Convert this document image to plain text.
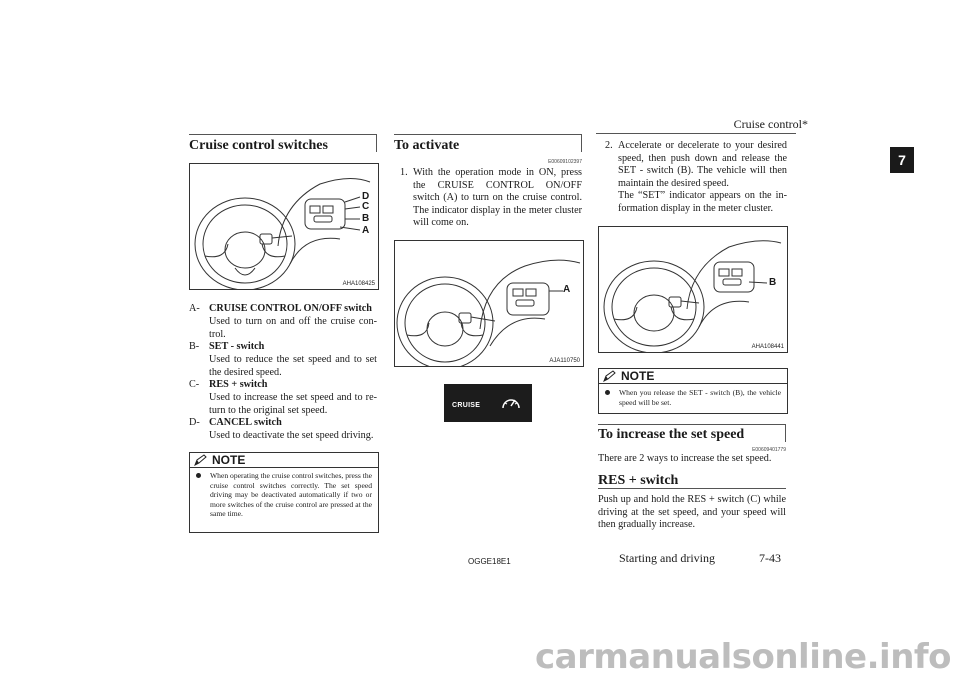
Cruise control*
7
Cruise control switches
D
C
B
A
AHA108425
A- CRUISE CONTROL ON/OFF switch
Used to turn on and off the cruise con-trol.
B- SET - switch
Used to reduce the set speed and to set the desired speed.
C- RES + switch
Used to increase the set speed and to re-turn to the original set speed.
D- CANCEL switch
Used to deactivate the set speed driving.
NOTE
When operating the cruise control switches, press the cruise control switches correctly. The set speed driving may be deactivated automatically if two or more switches of the cruise control are pressed at the same time.
To activate
E00609102397
1. With the operation mode in ON, press the CRUISE CONTROL ON/OFF switch (A) to turn on the cruise control. The indicator display in the meter cluster will come on.
A
AJA110750
CRUISE
2. Accelerate or decelerate to your desired speed, then push down and release the SET - switch (B). The vehicle will then maintain the desired speed.
The “SET” indicator appears on the in-formation display in the meter cluster.
B
AHA108441
NOTE
When you release the SET - switch (B), the vehicle speed will be set.
To increase the set speed
E00609401779
There are 2 ways to increase the set speed.
RES + switch
Push up and hold the RES + switch (C) while driving at the set speed, and your speed will then gradually increase.
OGGE18E1	Starting and driving	7-43
carmanualsonline.info
